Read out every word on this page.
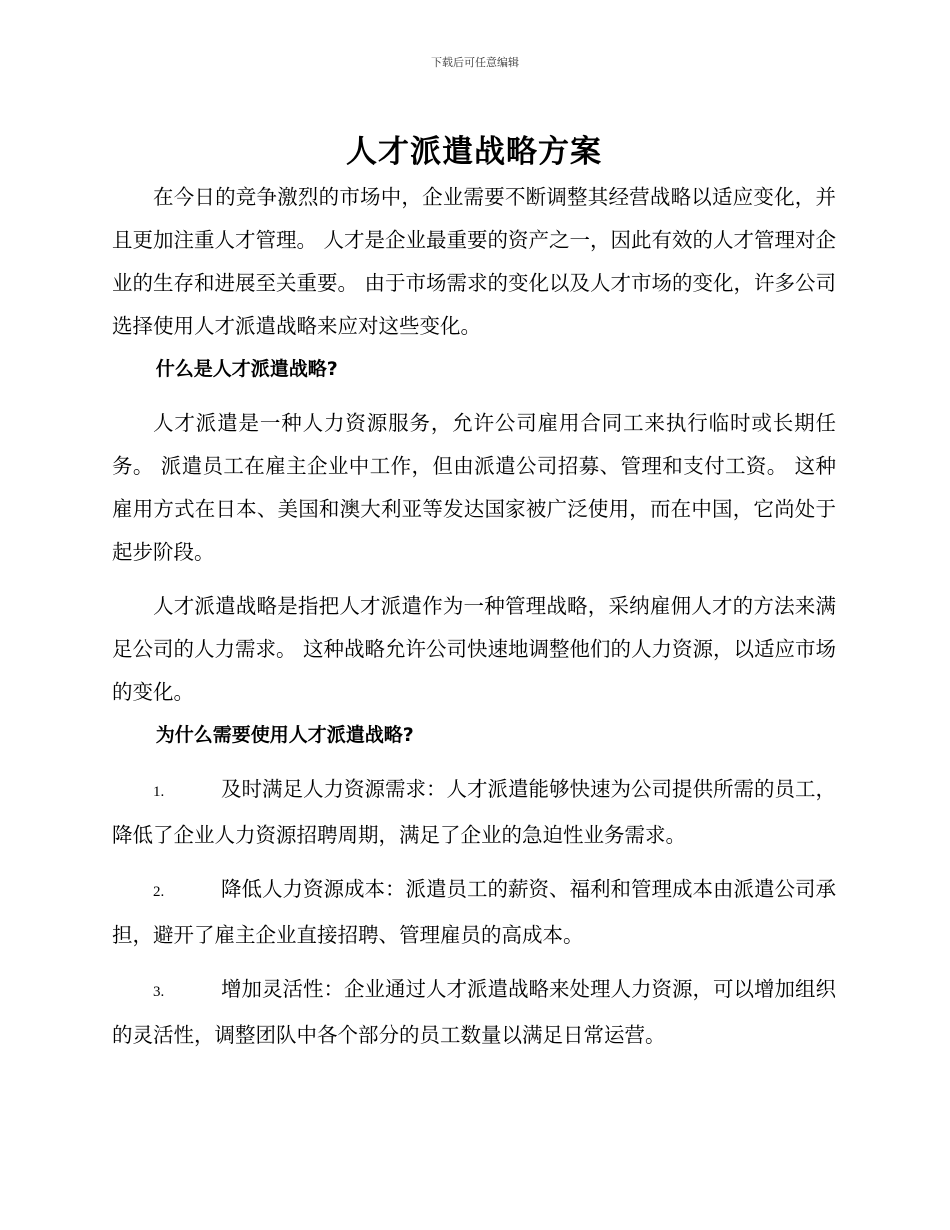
下载后可任意编辑
人才派遣战略方案

在今日的竞争激烈的市场中，企业需要不断调整其经营战略以适应变化，并且更加注重人才管理。 人才是企业最重要的资产之一，因此有效的人才管理对企业的生存和进展至关重要。 由于市场需求的变化以及人才市场的变化，许多公司选择使用人才派遣战略来应对这些变化。

什么是人才派遣战略?

人才派遣是一种人力资源服务，允许公司雇用合同工来执行临时或长期任务。 派遣员工在雇主企业中工作，但由派遣公司招募、管理和支付工资。 这种雇用方式在日本、美国和澳大利亚等发达国家被广泛使用，而在中国，它尚处于起步阶段。

人才派遣战略是指把人才派遣作为一种管理战略，采纳雇佣人才的方法来满足公司的人力需求。 这种战略允许公司快速地调整他们的人力资源，以适应市场的变化。

为什么需要使用人才派遣战略?

1.	及时满足人力资源需求：人才派遣能够快速为公司提供所需的员工，降低了企业人力资源招聘周期，满足了企业的急迫性业务需求。

2.	降低人力资源成本：派遣员工的薪资、福利和管理成本由派遣公司承担，避开了雇主企业直接招聘、管理雇员的高成本。

3.	增加灵活性：企业通过人才派遣战略来处理人力资源，可以增加组织的灵活性，调整团队中各个部分的员工数量以满足日常运营。
